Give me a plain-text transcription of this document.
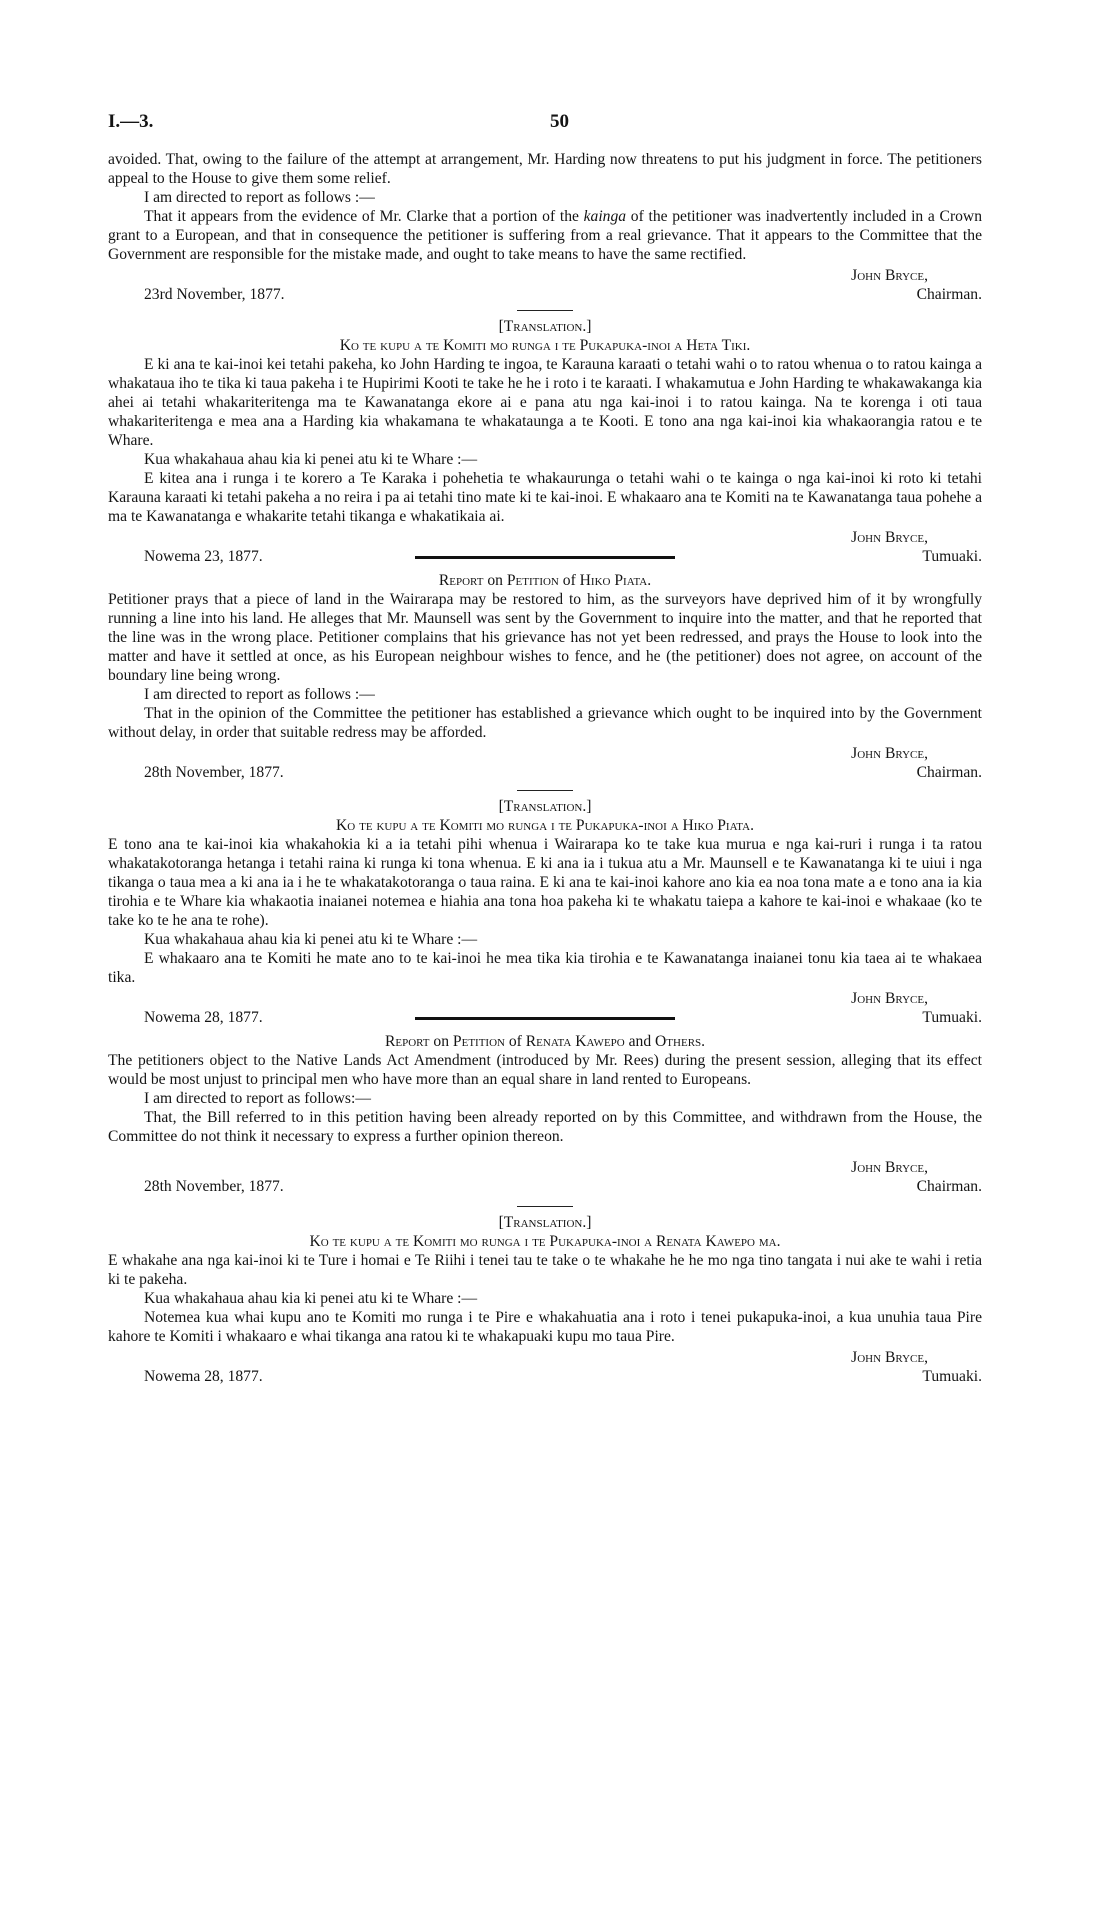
I.—3.	50

avoided. That, owing to the failure of the attempt at arrangement, Mr. Harding now threatens to put his judgment in force. The petitioners appeal to the House to give them some relief.

I am directed to report as follows :—

That it appears from the evidence of Mr. Clarke that a portion of the kainga of the petitioner was inadvertently included in a Crown grant to a European, and that in consequence the petitioner is suffering from a real grievance. That it appears to the Committee that the Government are responsible for the mistake made, and ought to take means to have the same rectified.

John Bryce,
23rd November, 1877.	Chairman.
[Translation.]
Ko te kupu a te Komiti mo runga i te Pukapuka-inoi a Heta Tiki.

E ki ana te kai-inoi kei tetahi pakeha, ko John Harding te ingoa, te Karauna karaati o tetahi wahi o to ratou whenua o to ratou kainga a whakataua iho te tika ki taua pakeha i te Hupirimi Kooti te take he he i roto i te karaati. I whakamutua e John Harding te whakawakanga kia ahei ai tetahi whakariteritenga ma te Kawanatanga ekore ai e pana atu nga kai-inoi i to ratou kainga. Na te korenga i oti taua whakariteritenga e mea ana a Harding kia whakamana te whakataunga a te Kooti. E tono ana nga kai-inoi kia whakaorangia ratou e te Whare.

Kua whakahaua ahau kia ki penei atu ki te Whare :—

E kitea ana i runga i te korero a Te Karaka i pohehetia te whakaurunga o tetahi wahi o te kainga o nga kai-inoi ki roto ki tetahi Karauna karaati ki tetahi pakeha a no reira i pa ai tetahi tino mate ki te kai-inoi. E whakaaro ana te Komiti na te Kawanatanga taua pohehe a ma te Kawanatanga e whakarite tetahi tikanga e whakatikaia ai.

John Bryce,
Nowema 23, 1877.	Tumuaki.
Report on Petition of Hiko Piata.

Petitioner prays that a piece of land in the Wairarapa may be restored to him, as the surveyors have deprived him of it by wrongfully running a line into his land. He alleges that Mr. Maunsell was sent by the Government to inquire into the matter, and that he reported that the line was in the wrong place. Petitioner complains that his grievance has not yet been redressed, and prays the House to look into the matter and have it settled at once, as his European neighbour wishes to fence, and he (the petitioner) does not agree, on account of the boundary line being wrong.

I am directed to report as follows :—

That in the opinion of the Committee the petitioner has established a grievance which ought to be inquired into by the Government without delay, in order that suitable redress may be afforded.

John Bryce,
28th November, 1877.	Chairman.
[Translation.]
Ko te kupu a te Komiti mo runga i te Pukapuka-inoi a Hiko Piata.

E tono ana te kai-inoi kia whakahokia ki a ia tetahi pihi whenua i Wairarapa ko te take kua murua e nga kai-ruri i runga i ta ratou whakatakotoranga hetanga i tetahi raina ki runga ki tona whenua. E ki ana ia i tukua atu a Mr. Maunsell e te Kawanatanga ki te uiui i nga tikanga o taua mea a ki ana ia i he te whakatakotoranga o taua raina. E ki ana te kai-inoi kahore ano kia ea noa tona mate a e tono ana ia kia tirohia e te Whare kia whakaotia inaianei notemea e hiahia ana tona hoa pakeha ki te whakatu taiepa a kahore te kai-inoi e whakaae (ko te take ko te he ana te rohe).

Kua whakahaua ahau kia ki penei atu ki te Whare :—

E whakaaro ana te Komiti he mate ano to te kai-inoi he mea tika kia tirohia e te Kawanatanga inaianei tonu kia taea ai te whakaea tika.

John Bryce,
Nowema 28, 1877.	Tumuaki.
Report on Petition of Renata Kawepo and Others.

The petitioners object to the Native Lands Act Amendment (introduced by Mr. Rees) during the present session, alleging that its effect would be most unjust to principal men who have more than an equal share in land rented to Europeans.

I am directed to report as follows:—

That, the Bill referred to in this petition having been already reported on by this Committee, and withdrawn from the House, the Committee do not think it necessary to express a further opinion thereon.

John Bryce,
28th November, 1877.	Chairman.
[Translation.]
Ko te kupu a te Komiti mo runga i te Pukapuka-inoi a Renata Kawepo ma.

E whakahe ana nga kai-inoi ki te Ture i homai e Te Riihi i tenei tau te take o te whakahe he he mo nga tino tangata i nui ake te wahi i retia ki te pakeha.

Kua whakahaua ahau kia ki penei atu ki te Whare :—

Notemea kua whai kupu ano te Komiti mo runga i te Pire e whakahuatia ana i roto i tenei pukapuka-inoi, a kua unuhia taua Pire kahore te Komiti i whakaaro e whai tikanga ana ratou ki te whakapuaki kupu mo taua Pire.

John Bryce,
Nowema 28, 1877.	Tumuaki.
